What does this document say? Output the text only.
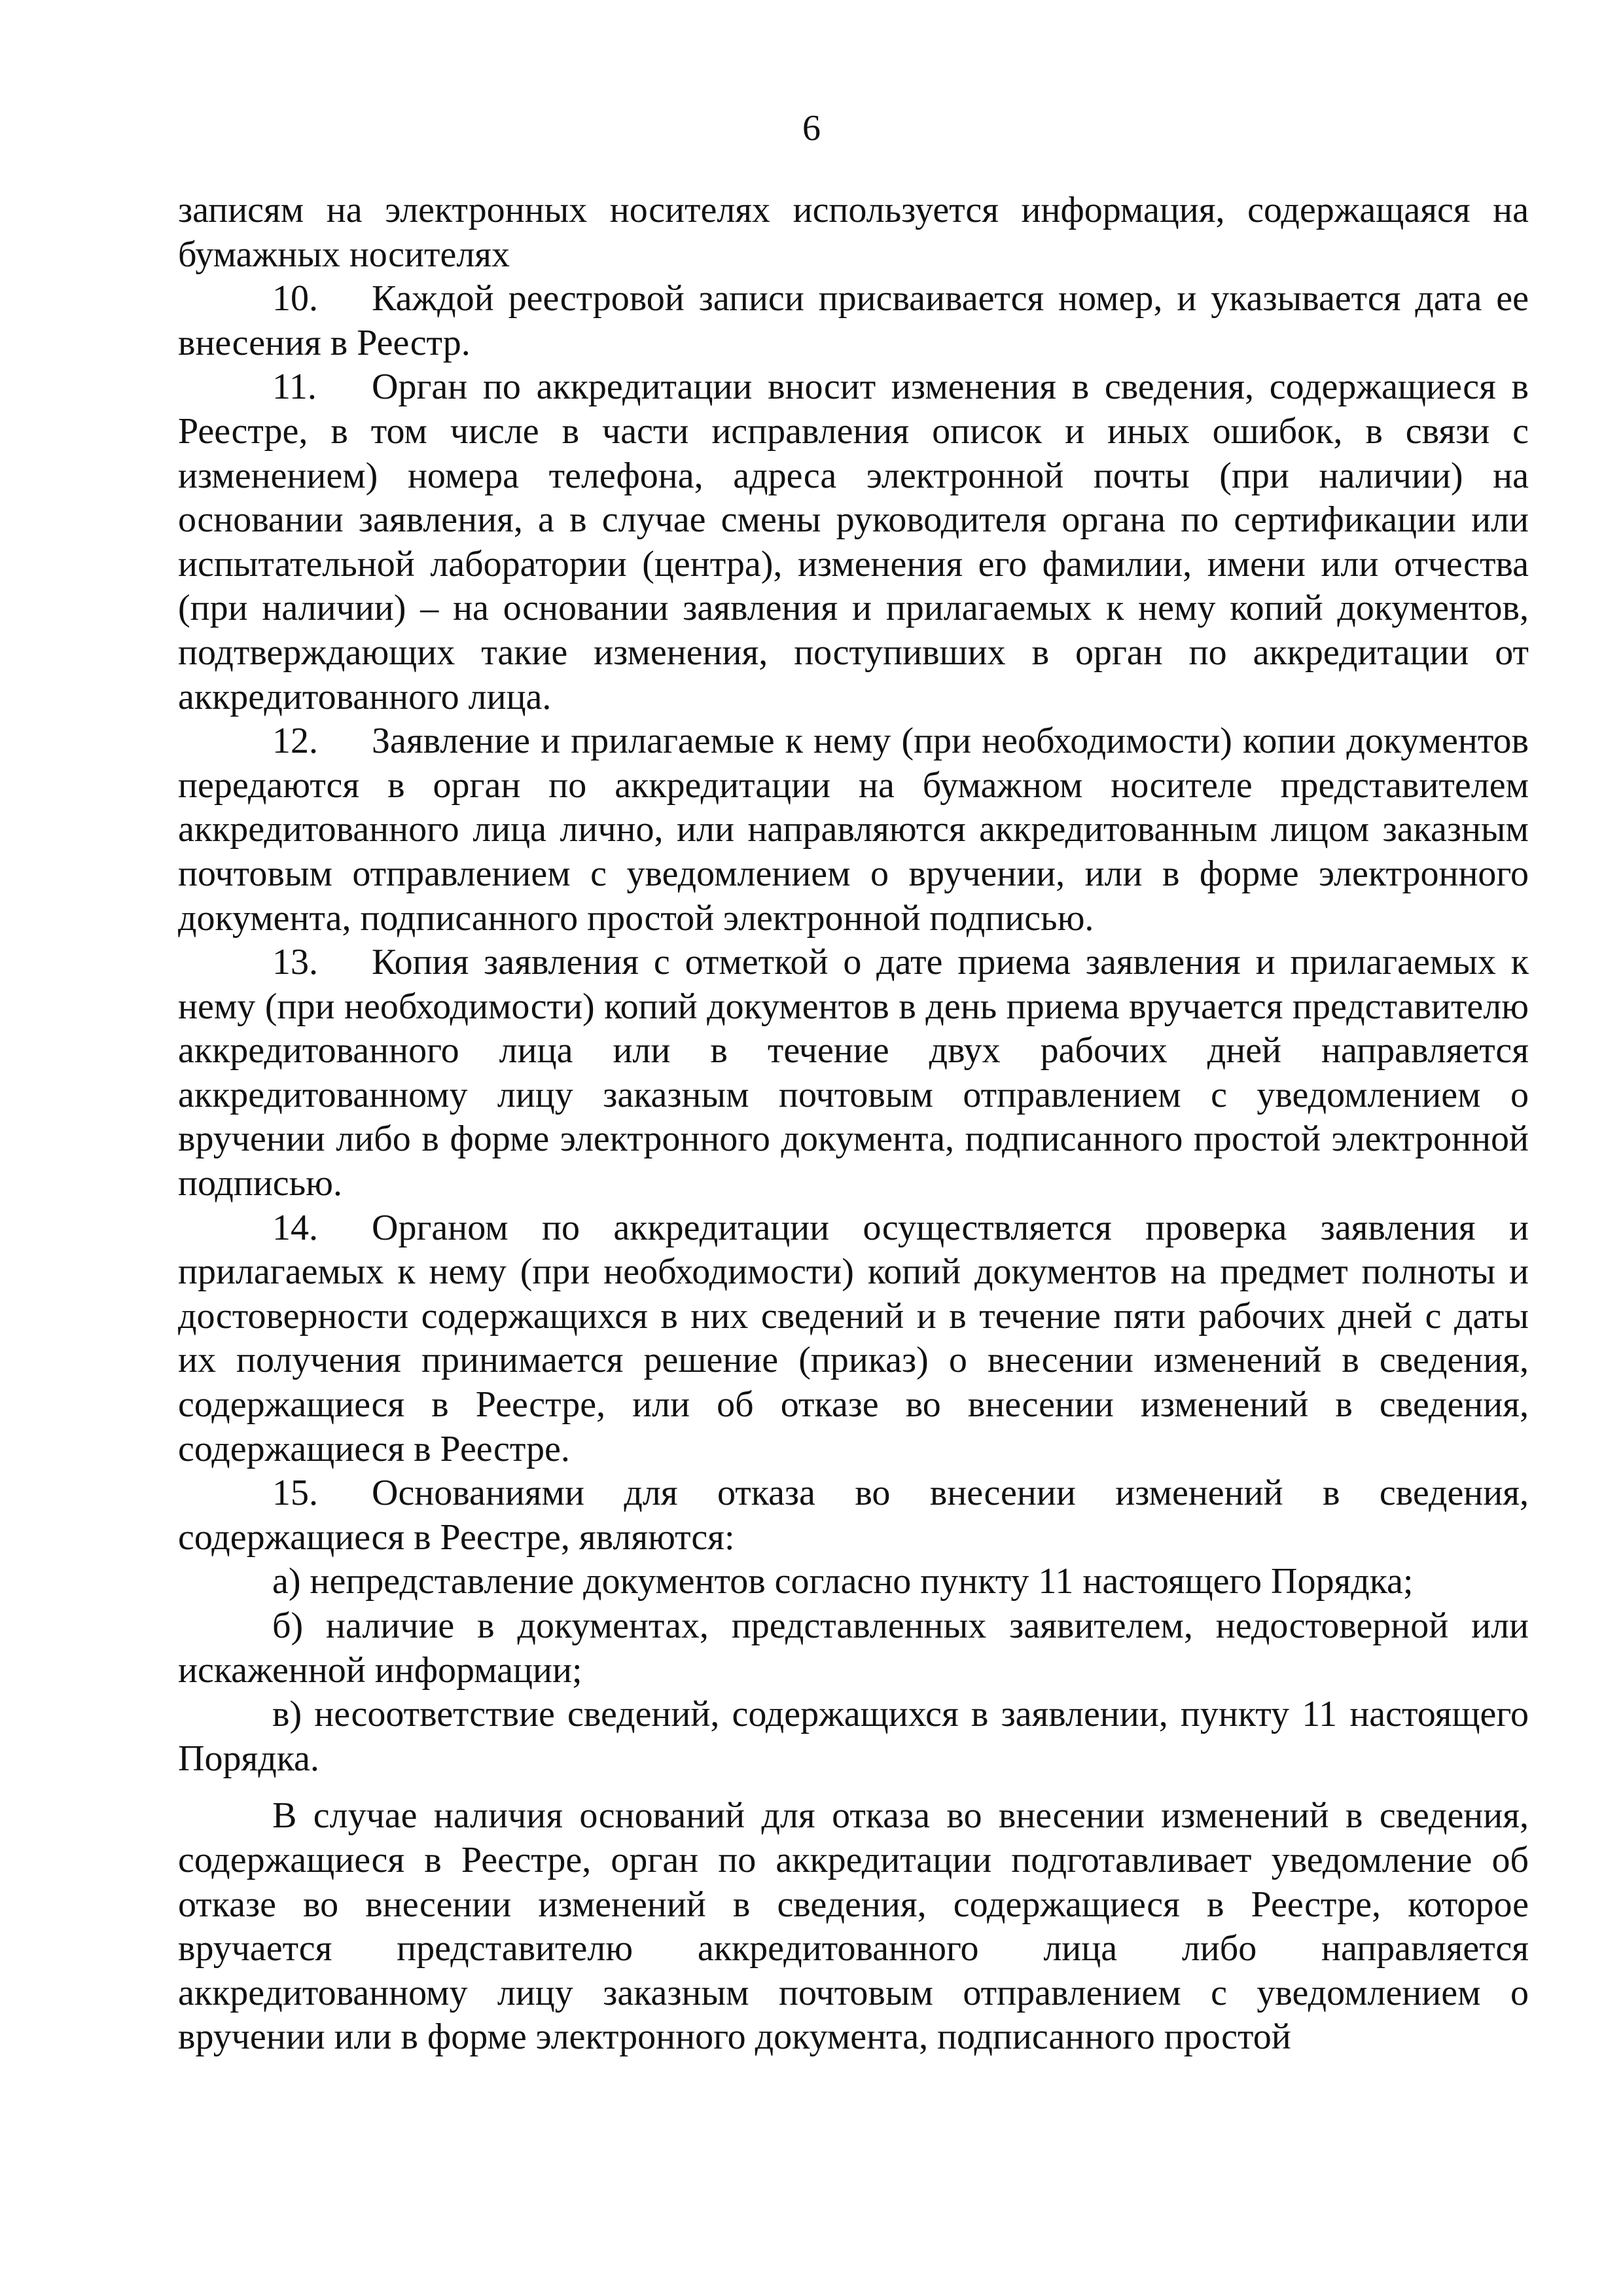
6

записям на электронных носителях используется информация, содержащаяся на бумажных носителях

10. Каждой реестровой записи присваивается номер, и указывается дата ее внесения в Реестр.

11. Орган по аккредитации вносит изменения в сведения, содержащиеся в Реестре, в том числе в части исправления описок и иных ошибок, в связи с изменением) номера телефона, адреса электронной почты (при наличии) на основании заявления, а в случае смены руководителя органа по сертификации или испытательной лаборатории (центра), изменения его фамилии, имени или отчества (при наличии) – на основании заявления и прилагаемых к нему копий документов, подтверждающих такие изменения, поступивших в орган по аккредитации от аккредитованного лица.

12. Заявление и прилагаемые к нему (при необходимости) копии документов передаются в орган по аккредитации на бумажном носителе представителем аккредитованного лица лично, или направляются аккредитованным лицом заказным почтовым отправлением с уведомлением о вручении, или в форме электронного документа, подписанного простой электронной подписью.

13. Копия заявления с отметкой о дате приема заявления и прилагаемых к нему (при необходимости) копий документов в день приема вручается представителю аккредитованного лица или в течение двух рабочих дней направляется аккредитованному лицу заказным почтовым отправлением с уведомлением о вручении либо в форме электронного документа, подписанного простой электронной подписью.

14. Органом по аккредитации осуществляется проверка заявления и прилагаемых к нему (при необходимости) копий документов на предмет полноты и достоверности содержащихся в них сведений и в течение пяти рабочих дней с даты их получения принимается решение (приказ) о внесении изменений в сведения, содержащиеся в Реестре, или об отказе во внесении изменений в сведения, содержащиеся в Реестре.

15. Основаниями для отказа во внесении изменений в сведения, содержащиеся в Реестре, являются:

а) непредставление документов согласно пункту 11 настоящего Порядка;

б) наличие в документах, представленных заявителем, недостоверной или искаженной информации;

в) несоответствие сведений, содержащихся в заявлении, пункту 11 настоящего Порядка.

В случае наличия оснований для отказа во внесении изменений в сведения, содержащиеся в Реестре, орган по аккредитации подготавливает уведомление об отказе во внесении изменений в сведения, содержащиеся в Реестре, которое вручается представителю аккредитованного лица либо направляется аккредитованному лицу заказным почтовым отправлением с уведомлением о вручении или в форме электронного документа, подписанного простой
